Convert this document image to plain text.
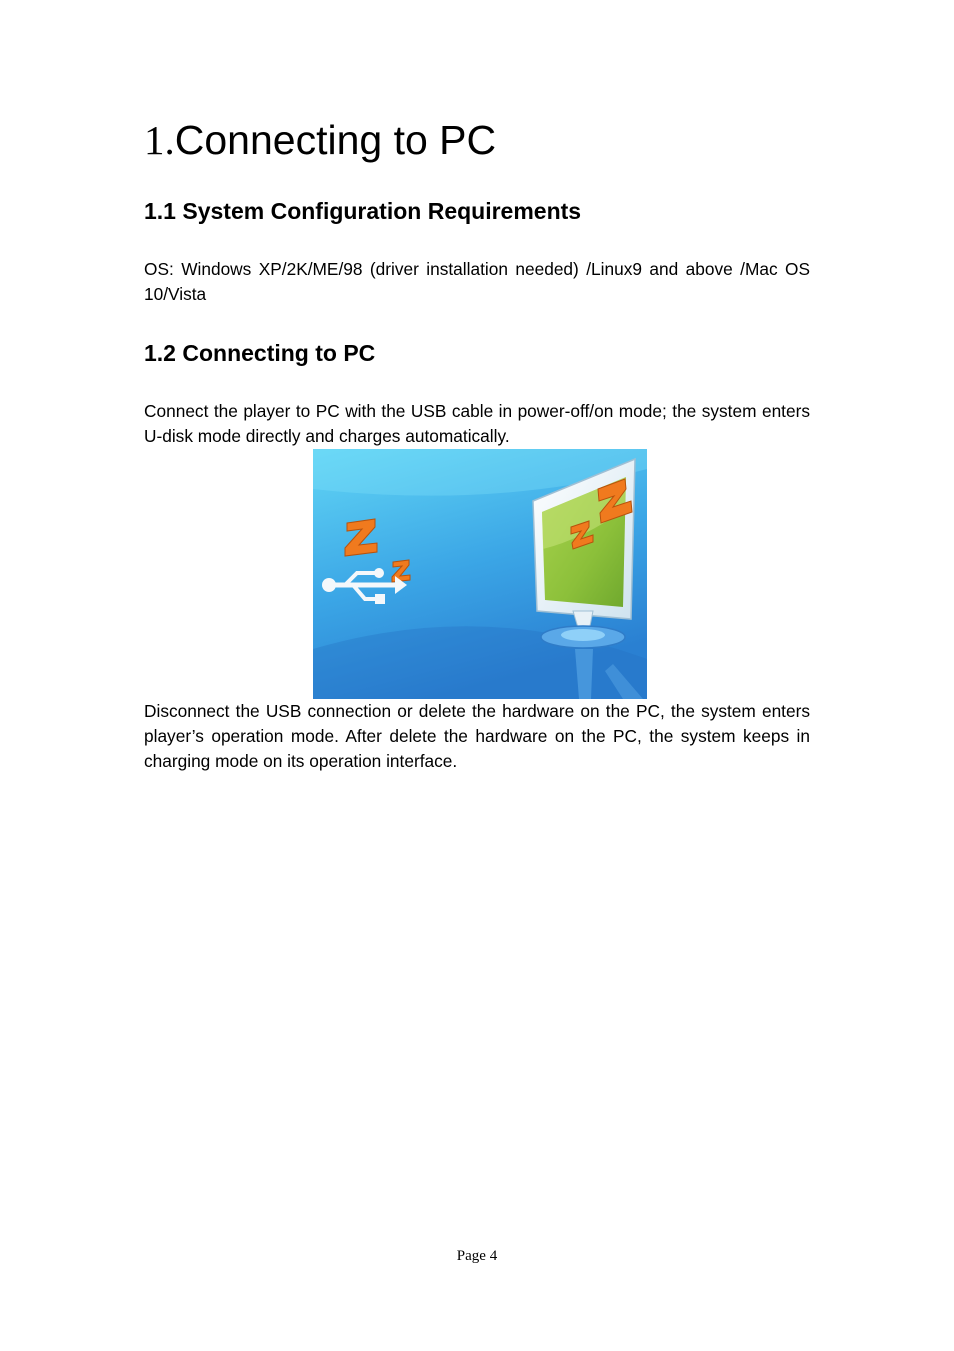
1.Connecting to PC
1.1 System Configuration Requirements

OS: Windows XP/2K/ME/98 (driver installation needed) /Linux9 and above /Mac OS 10/Vista

1.2 Connecting to PC

Connect the player to PC with the USB cable in power-off/on mode; the system enters U-disk mode directly and charges automatically.

Disconnect the USB connection or delete the hardware on the PC, the system enters player’s operation mode. After delete the hardware on the PC, the system keeps in charging mode on its operation interface.

Page 4
